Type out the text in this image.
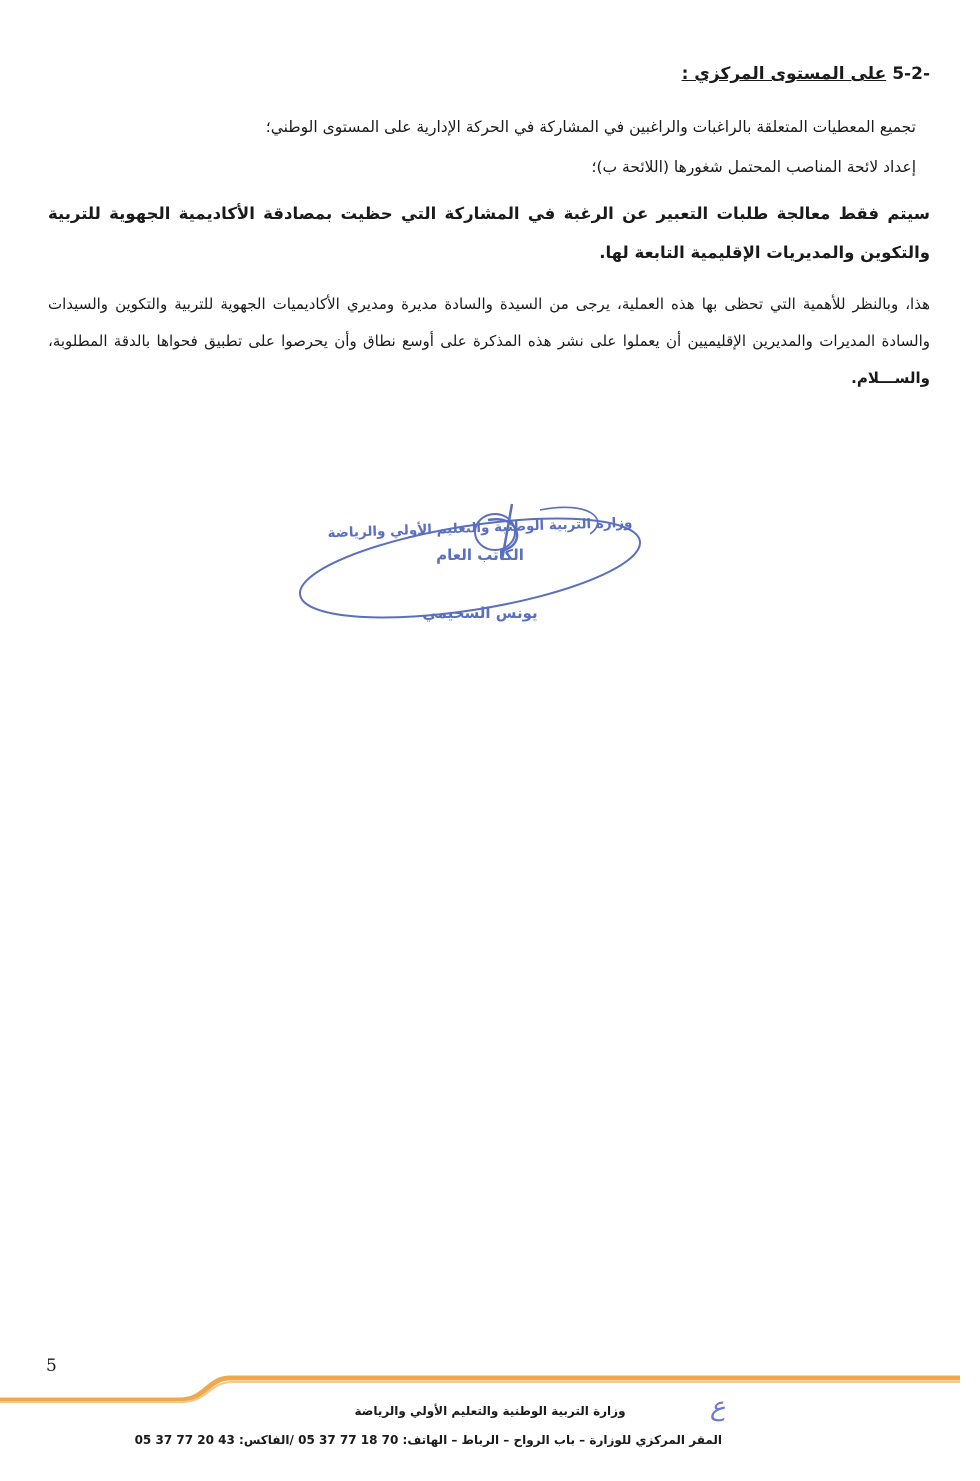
-5-2على المستوى المركزي :
تجميع المعطيات المتعلقة بالراغبات والراغبين في المشاركة في الحركة الإدارية على المستوى الوطني؛
إعداد لائحة المناصب المحتمل شغورها (اللائحة ب)؛
سيتم فقط معالجة طلبات التعبير عن الرغبة في المشاركة التي حظيت بمصادقة الأكاديمية الجهوية للتربية والتكوين والمديريات الإقليمية التابعة لها.
هذا، وبالنظر للأهمية التي تحظى بها هذه العملية، يرجى من السيدة والسادة مديرة ومديري الأكاديميات الجهوية للتربية والتكوين والسيدات والسادة المديرات والمديرين الإقليميين أن يعملوا على نشر هذه المذكرة على أوسع نطاق وأن يحرصوا على تطبيق فحواها بالدقة المطلوبة، والســـلام.
وزارة التربية الوطنية والتعليم الأولي والرياضة
الكاتب العام
يونس السحيمي
5
ع
وزارة التربية الوطنية والتعليم الأولي والرياضة
المقر المركزي للوزارة – باب الرواح – الرباط – الهاتف: 70 18 77 37 05 /الفاكس: 43 20 77 37 05
